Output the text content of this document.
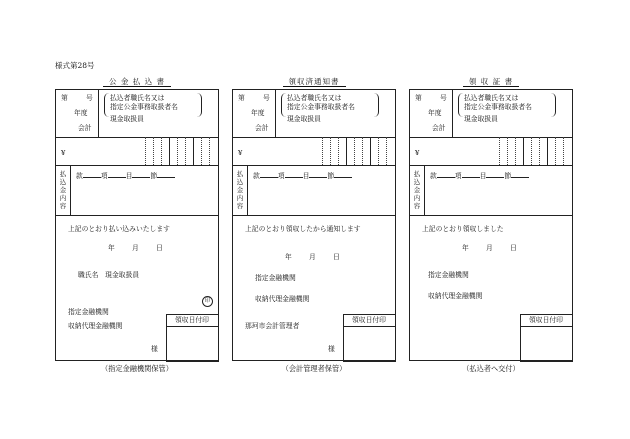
様式第28号
公 金 払 込 書
第	号
年度
会計
払込者職氏名又は
指定公金事務取扱者名
現金取扱員
¥
払込金内容
款	項	目	節
上記のとおり払い込みいたします
年	月	日
職氏名　現金取扱員
印
指定金融機関
収納代理金融機関
領収日付印
様
（指定金融機関保管）
領収済通知書
第	号
年度
会計
払込者職氏名又は
指定公金事務取扱者名
現金取扱員
¥
払込金内容
款	項	目	節
上記のとおり領収したから通知します
年	月	日
指定金融機関
収納代理金融機関
那珂市会計管理者
領収日付印
様
（会計管理者保管）
領 収 証 書
第	号
年度
会計
払込者職氏名又は
指定公金事務取扱者名
現金取扱員
¥
払込金内容
款	項	目	節
上記のとおり領収しました
年	月	日
指定金融機関
収納代理金融機関
領収日付印
（払込者へ交付）
